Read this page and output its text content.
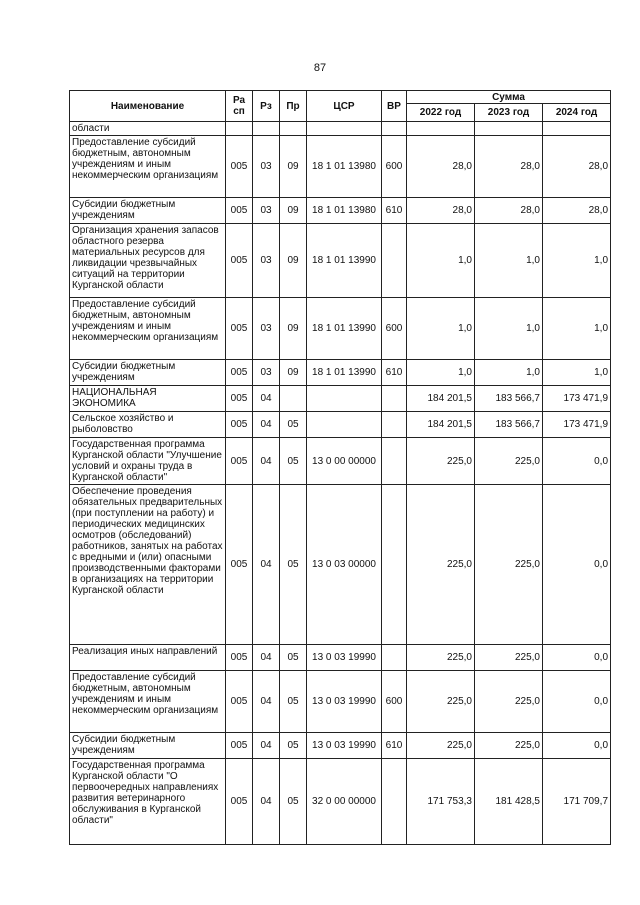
87
Наименование	Ра сп	Рз	Пр	ЦСР	ВР	Сумма		
						2022 год	2023 год	2024 год
области								
Предоставление субсидий бюджетным, автономным учреждениям и иным некоммерческим организациям	005	03	09	18 1 01 13980	600	28,0	28,0	28,0
Субсидии бюджетным учреждениям	005	03	09	18 1 01 13980	610	28,0	28,0	28,0
Организация хранения запасов областного резерва материальных ресурсов для ликвидации чрезвычайных ситуаций на территории Курганской области	005	03	09	18 1 01 13990		1,0	1,0	1,0
Предоставление субсидий бюджетным, автономным учреждениям и иным некоммерческим организациям	005	03	09	18 1 01 13990	600	1,0	1,0	1,0
Субсидии бюджетным учреждениям	005	03	09	18 1 01 13990	610	1,0	1,0	1,0
НАЦИОНАЛЬНАЯ ЭКОНОМИКА	005	04				184 201,5	183 566,7	173 471,9
Сельское хозяйство и рыболовство	005	04	05			184 201,5	183 566,7	173 471,9
Государственная программа Курганской области "Улучшение условий и охраны труда в Курганской области"	005	04	05	13 0 00 00000		225,0	225,0	0,0
Обеспечение проведения обязательных предварительных (при поступлении на работу) и периодических медицинских осмотров (обследований) работников, занятых на работах с вредными и (или) опасными производственными факторами в организациях на территории Курганской области	005	04	05	13 0 03 00000		225,0	225,0	0,0
Реализация иных направлений	005	04	05	13 0 03 19990		225,0	225,0	0,0
Предоставление субсидий бюджетным, автономным учреждениям и иным некоммерческим организациям	005	04	05	13 0 03 19990	600	225,0	225,0	0,0
Субсидии бюджетным учреждениям	005	04	05	13 0 03 19990	610	225,0	225,0	0,0
Государственная программа Курганской области "О первоочередных направлениях развития ветеринарного обслуживания в Курганской области"	005	04	05	32 0 00 00000		171 753,3	181 428,5	171 709,7
